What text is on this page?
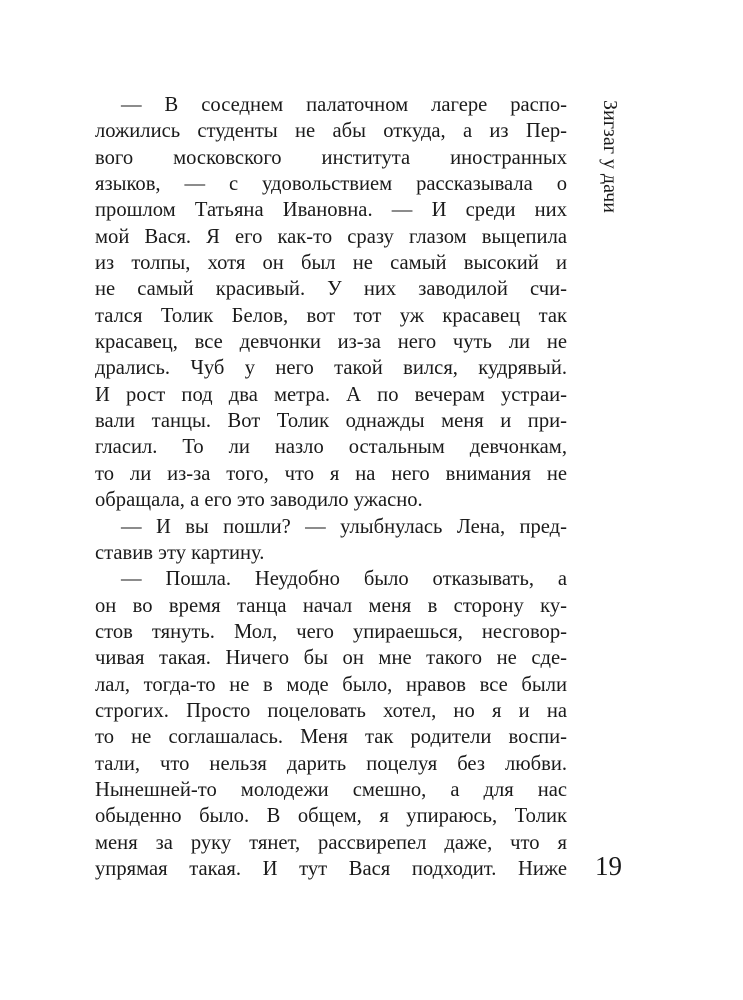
— В соседнем палаточном лагере распо-
ложились студенты не абы откуда, а из Пер-
вого московского института иностранных
языков, — с удовольствием рассказывала о
прошлом Татьяна Ивановна. — И среди них
мой Вася. Я его как-то сразу глазом выцепила
из толпы, хотя он был не самый высокий и
не самый красивый. У них заводилой счи-
тался Толик Белов, вот тот уж красавец так
красавец, все девчонки из-за него чуть ли не
дрались. Чуб у него такой вился, кудрявый.
И рост под два метра. А по вечерам устраи-
вали танцы. Вот Толик однажды меня и при-
гласил. То ли назло остальным девчонкам,
то ли из-за того, что я на него внимания не
обращала, а его это заводило ужасно.
— И вы пошли? — улыбнулась Лена, пред-
ставив эту картину.
— Пошла. Неудобно было отказывать, а
он во время танца начал меня в сторону ку-
стов тянуть. Мол, чего упираешься, несговор-
чивая такая. Ничего бы он мне такого не сде-
лал, тогда-то не в моде было, нравов все были
строгих. Просто поцеловать хотел, но я и на
то не соглашалась. Меня так родители воспи-
тали, что нельзя дарить поцелуя без любви.
Нынешней-то молодежи смешно, а для нас
обыденно было. В общем, я упираюсь, Толик
меня за руку тянет, рассвирепел даже, что я
упрямая такая. И тут Вася подходит. Ниже
Зигзаг у дачи
19
